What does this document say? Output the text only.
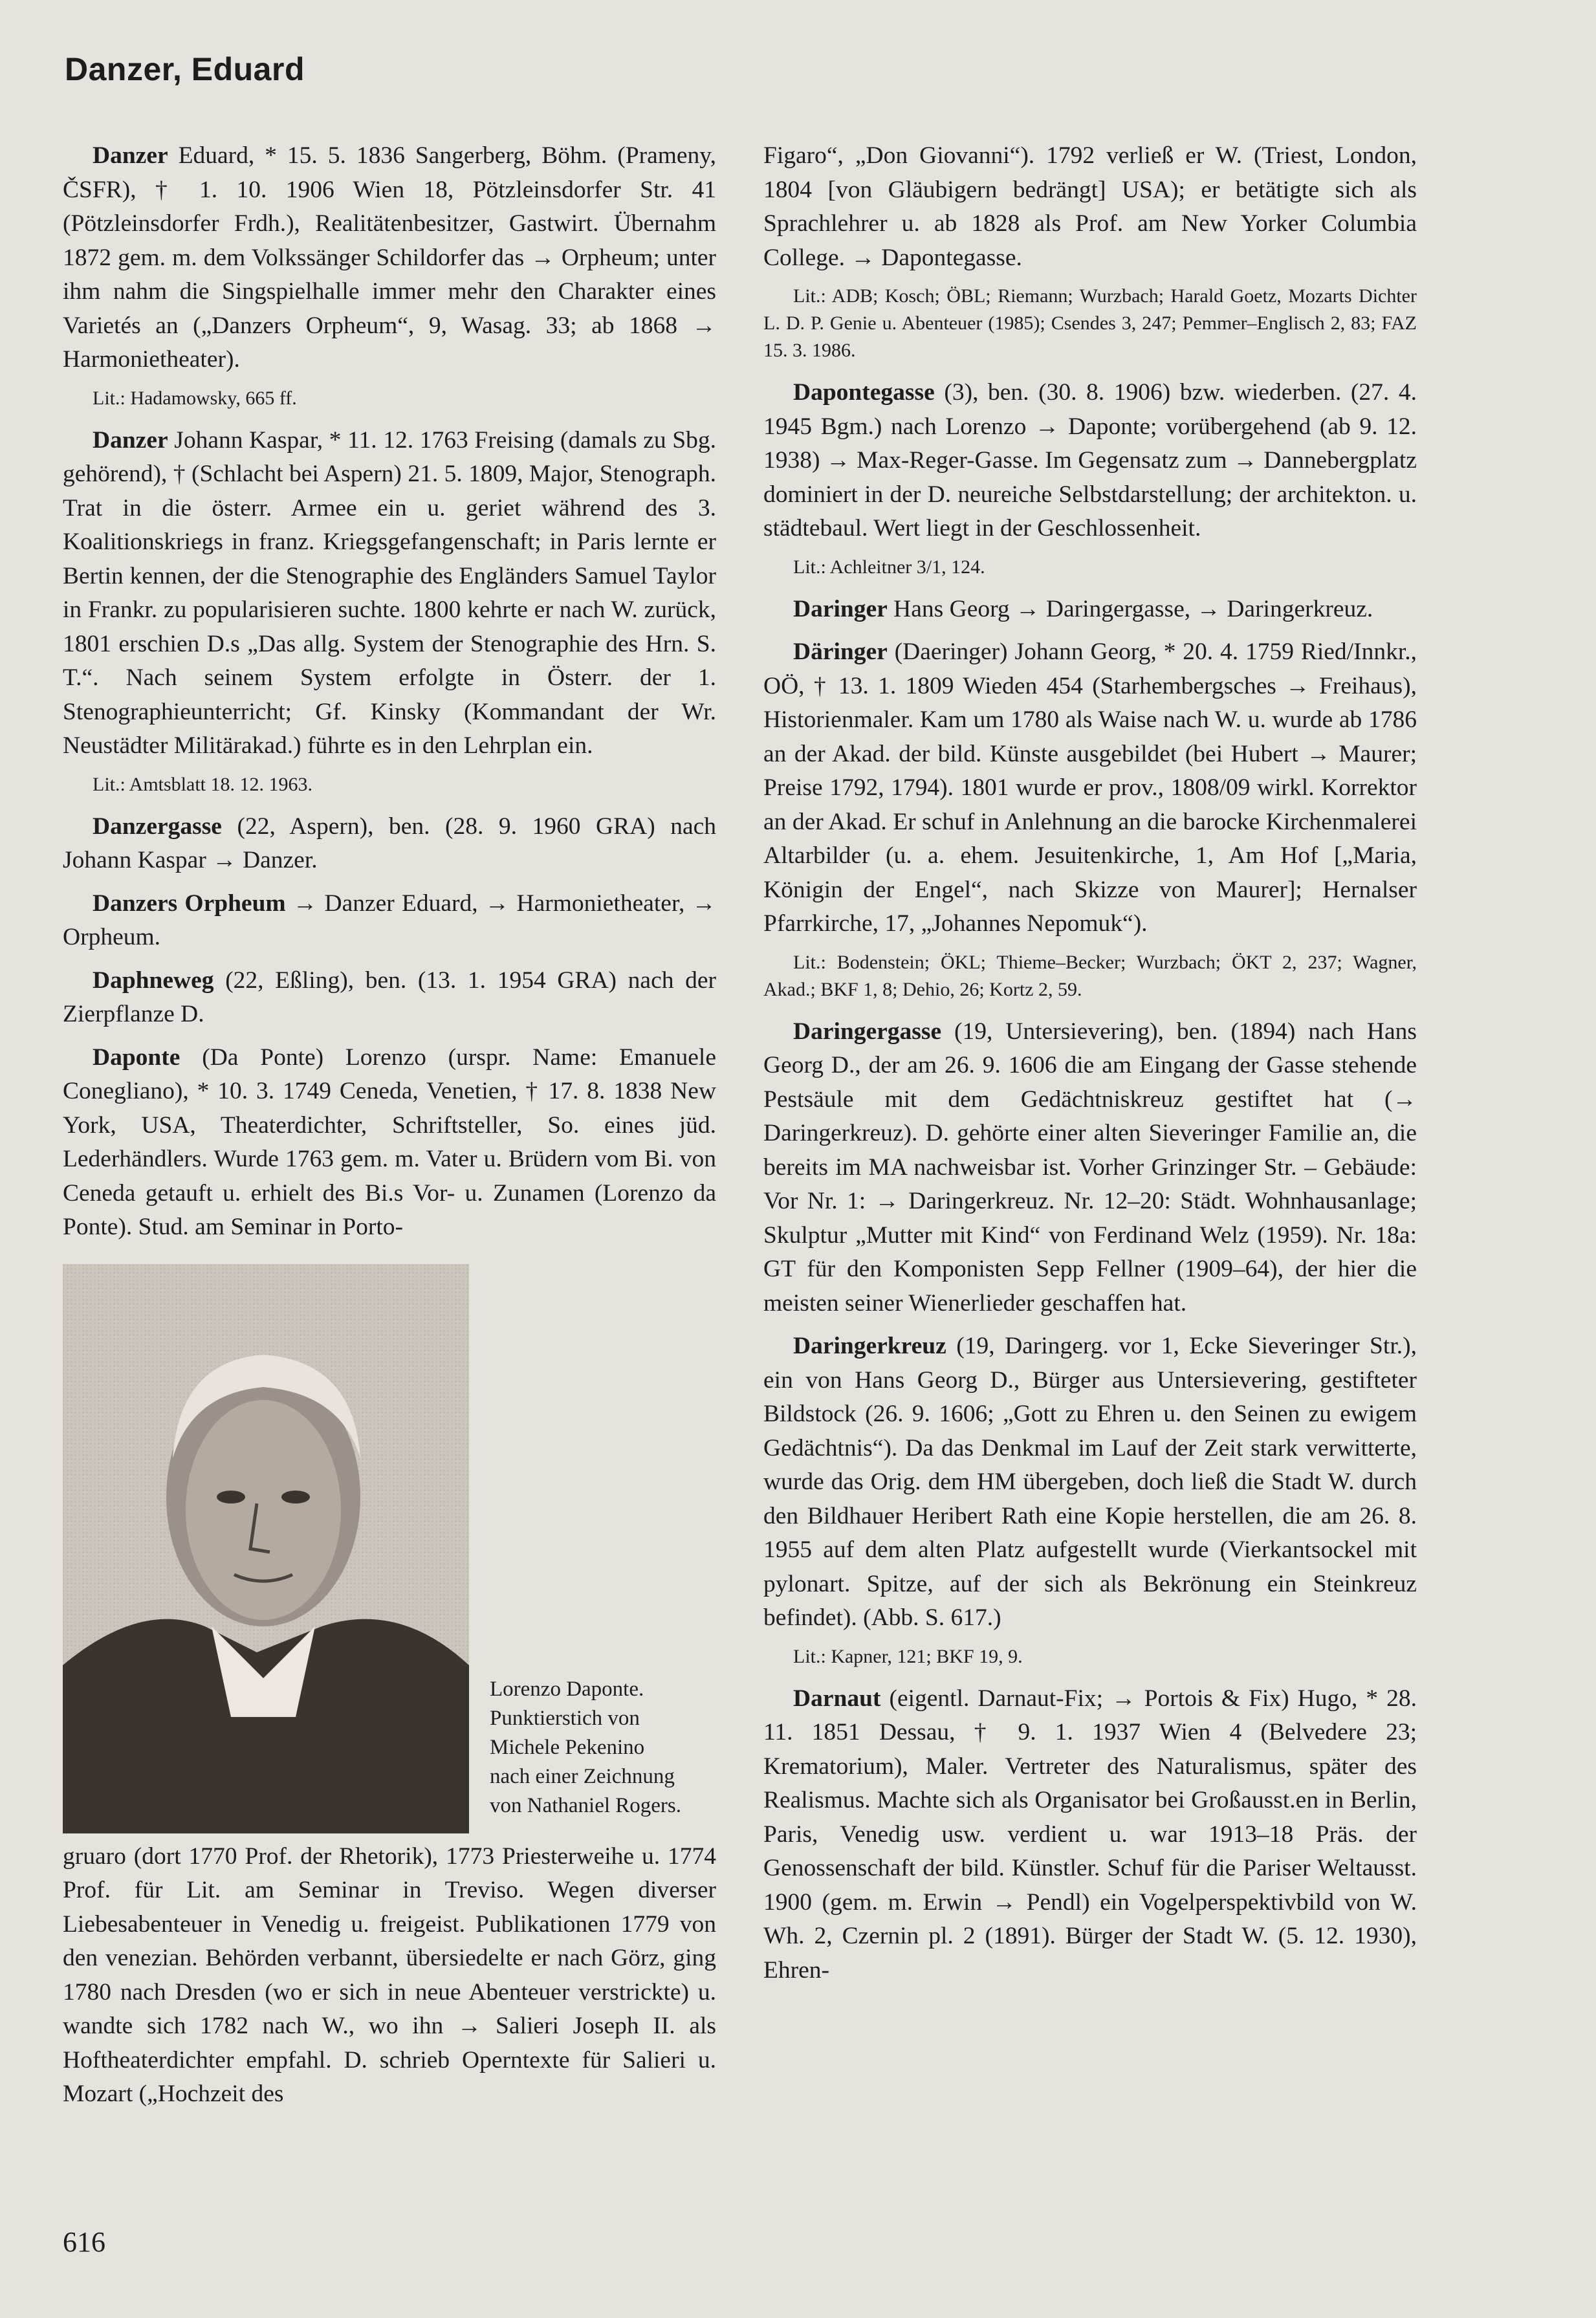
Danzer, Eduard

Danzer Eduard, * 15. 5. 1836 Sangerberg, Böhm. (Prameny, ČSFR), † 1. 10. 1906 Wien 18, Pötzleinsdorfer Str. 41 (Pötzleinsdorfer Frdh.), Realitätenbesitzer, Gastwirt. Übernahm 1872 gem. m. dem Volkssänger Schildorfer das → Orpheum; unter ihm nahm die Singspielhalle immer mehr den Charakter eines Varietés an („Danzers Orpheum“, 9, Wasag. 33; ab 1868 → Harmonietheater).

Lit.: Hadamowsky, 665 ff.

Danzer Johann Kaspar, * 11. 12. 1763 Freising (damals zu Sbg. gehörend), † (Schlacht bei Aspern) 21. 5. 1809, Major, Stenograph. Trat in die österr. Armee ein u. geriet während des 3. Koalitionskriegs in franz. Kriegsgefangenschaft; in Paris lernte er Bertin kennen, der die Stenographie des Engländers Samuel Taylor in Frankr. zu popularisieren suchte. 1800 kehrte er nach W. zurück, 1801 erschien D.s „Das allg. System der Stenographie des Hrn. S. T.“. Nach seinem System erfolgte in Österr. der 1. Stenographieunterricht; Gf. Kinsky (Kommandant der Wr. Neustädter Militärakad.) führte es in den Lehrplan ein.

Lit.: Amtsblatt 18. 12. 1963.

Danzergasse (22, Aspern), ben. (28. 9. 1960 GRA) nach Johann Kaspar → Danzer.

Danzers Orpheum → Danzer Eduard, → Harmonietheater, → Orpheum.

Daphneweg (22, Eßling), ben. (13. 1. 1954 GRA) nach der Zierpflanze D.

Daponte (Da Ponte) Lorenzo (urspr. Name: Emanuele Conegliano), * 10. 3. 1749 Ceneda, Venetien, † 17. 8. 1838 New York, USA, Theaterdichter, Schriftsteller, So. eines jüd. Lederhändlers. Wurde 1763 gem. m. Vater u. Brüdern vom Bi. von Ceneda getauft u. erhielt des Bi.s Vor- u. Zunamen (Lorenzo da Ponte). Stud. am Seminar in Porto-

Lorenzo Daponte.
Punktierstich von
Michele Pekenino
nach einer Zeichnung
von Nathaniel Rogers.

gruaro (dort 1770 Prof. der Rhetorik), 1773 Priesterweihe u. 1774 Prof. für Lit. am Seminar in Treviso. Wegen diverser Liebesabenteuer in Venedig u. freigeist. Publikationen 1779 von den venezian. Behörden verbannt, übersiedelte er nach Görz, ging 1780 nach Dresden (wo er sich in neue Abenteuer verstrickte) u. wandte sich 1782 nach W., wo ihn → Salieri Joseph II. als Hoftheaterdichter empfahl. D. schrieb Operntexte für Salieri u. Mozart („Hochzeit des

Figaro“, „Don Giovanni“). 1792 verließ er W. (Triest, London, 1804 [von Gläubigern bedrängt] USA); er betätigte sich als Sprachlehrer u. ab 1828 als Prof. am New Yorker Columbia College. → Dapontegasse.

Lit.: ADB; Kosch; ÖBL; Riemann; Wurzbach; Harald Goetz, Mozarts Dichter L. D. P. Genie u. Abenteuer (1985); Csendes 3, 247; Pemmer–Englisch 2, 83; FAZ 15. 3. 1986.

Dapontegasse (3), ben. (30. 8. 1906) bzw. wiederben. (27. 4. 1945 Bgm.) nach Lorenzo → Daponte; vorübergehend (ab 9. 12. 1938) → Max-Reger-Gasse. Im Gegensatz zum → Dannebergplatz dominiert in der D. neureiche Selbstdarstellung; der architekton. u. städtebaul. Wert liegt in der Geschlossenheit.

Lit.: Achleitner 3/1, 124.

Daringer Hans Georg → Daringergasse, → Daringerkreuz.

Däringer (Daeringer) Johann Georg, * 20. 4. 1759 Ried/Innkr., OÖ, † 13. 1. 1809 Wieden 454 (Starhembergsches → Freihaus), Historienmaler. Kam um 1780 als Waise nach W. u. wurde ab 1786 an der Akad. der bild. Künste ausgebildet (bei Hubert → Maurer; Preise 1792, 1794). 1801 wurde er prov., 1808/09 wirkl. Korrektor an der Akad. Er schuf in Anlehnung an die barocke Kirchenmalerei Altarbilder (u. a. ehem. Jesuitenkirche, 1, Am Hof [„Maria, Königin der Engel“, nach Skizze von Maurer]; Hernalser Pfarrkirche, 17, „Johannes Nepomuk“).

Lit.: Bodenstein; ÖKL; Thieme–Becker; Wurzbach; ÖKT 2, 237; Wagner, Akad.; BKF 1, 8; Dehio, 26; Kortz 2, 59.

Daringergasse (19, Untersievering), ben. (1894) nach Hans Georg D., der am 26. 9. 1606 die am Eingang der Gasse stehende Pestsäule mit dem Gedächtniskreuz gestiftet hat (→ Daringerkreuz). D. gehörte einer alten Sieveringer Familie an, die bereits im MA nachweisbar ist. Vorher Grinzinger Str. – Gebäude: Vor Nr. 1: → Daringerkreuz. Nr. 12–20: Städt. Wohnhausanlage; Skulptur „Mutter mit Kind“ von Ferdinand Welz (1959). Nr. 18a: GT für den Komponisten Sepp Fellner (1909–64), der hier die meisten seiner Wienerlieder geschaffen hat.

Daringerkreuz (19, Daringerg. vor 1, Ecke Sieveringer Str.), ein von Hans Georg D., Bürger aus Untersievering, gestifteter Bildstock (26. 9. 1606; „Gott zu Ehren u. den Seinen zu ewigem Gedächtnis“). Da das Denkmal im Lauf der Zeit stark verwitterte, wurde das Orig. dem HM übergeben, doch ließ die Stadt W. durch den Bildhauer Heribert Rath eine Kopie herstellen, die am 26. 8. 1955 auf dem alten Platz aufgestellt wurde (Vierkantsockel mit pylonart. Spitze, auf der sich als Bekrönung ein Steinkreuz befindet). (Abb. S. 617.)

Lit.: Kapner, 121; BKF 19, 9.

Darnaut (eigentl. Darnaut-Fix; → Portois & Fix) Hugo, * 28. 11. 1851 Dessau, † 9. 1. 1937 Wien 4 (Belvedere 23; Krematorium), Maler. Vertreter des Naturalismus, später des Realismus. Machte sich als Organisator bei Großausst.en in Berlin, Paris, Venedig usw. verdient u. war 1913–18 Präs. der Genossenschaft der bild. Künstler. Schuf für die Pariser Weltausst. 1900 (gem. m. Erwin → Pendl) ein Vogelperspektivbild von W. Wh. 2, Czernin pl. 2 (1891). Bürger der Stadt W. (5. 12. 1930), Ehren-

616
